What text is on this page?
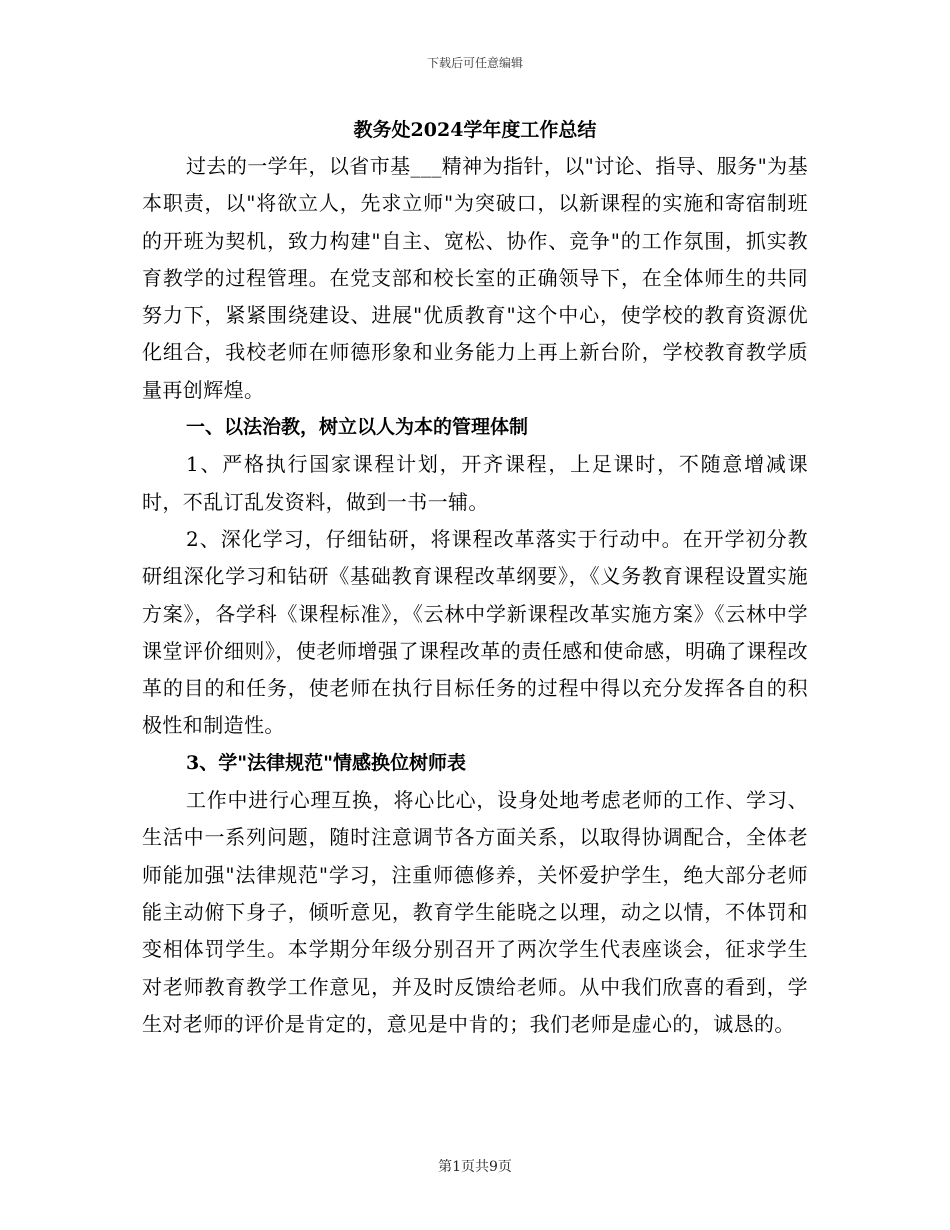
下载后可任意编辑
教务处2024学年度工作总结

过去的一学年，以省市基___精神为指针，以"讨论、指导、服务"为基本职责，以"将欲立人，先求立师"为突破口，以新课程的实施和寄宿制班的开班为契机，致力构建"自主、宽松、协作、竞争"的工作氛围，抓实教育教学的过程管理。在党支部和校长室的正确领导下，在全体师生的共同努力下，紧紧围绕建设、进展"优质教育"这个中心，使学校的教育资源优化组合，我校老师在师德形象和业务能力上再上新台阶，学校教育教学质量再创辉煌。

一、以法治教，树立以人为本的管理体制

1、严格执行国家课程计划，开齐课程，上足课时，不随意增减课时，不乱订乱发资料，做到一书一辅。

2、深化学习，仔细钻研，将课程改革落实于行动中。在开学初分教研组深化学习和钻研《基础教育课程改革纲要》，《义务教育课程设置实施方案》，各学科《课程标准》，《云林中学新课程改革实施方案》《云林中学课堂评价细则》，使老师增强了课程改革的责任感和使命感，明确了课程改革的目的和任务，使老师在执行目标任务的过程中得以充分发挥各自的积极性和制造性。

3、学"法律规范"情感换位树师表

工作中进行心理互换，将心比心，设身处地考虑老师的工作、学习、生活中一系列问题，随时注意调节各方面关系，以取得协调配合，全体老师能加强"法律规范"学习，注重师德修养，关怀爱护学生，绝大部分老师能主动俯下身子，倾听意见，教育学生能晓之以理，动之以情，不体罚和变相体罚学生。本学期分年级分别召开了两次学生代表座谈会，征求学生对老师教育教学工作意见，并及时反馈给老师。从中我们欣喜的看到，学生对老师的评价是肯定的，意见是中肯的；我们老师是虚心的，诚恳的。

第1页共9页
